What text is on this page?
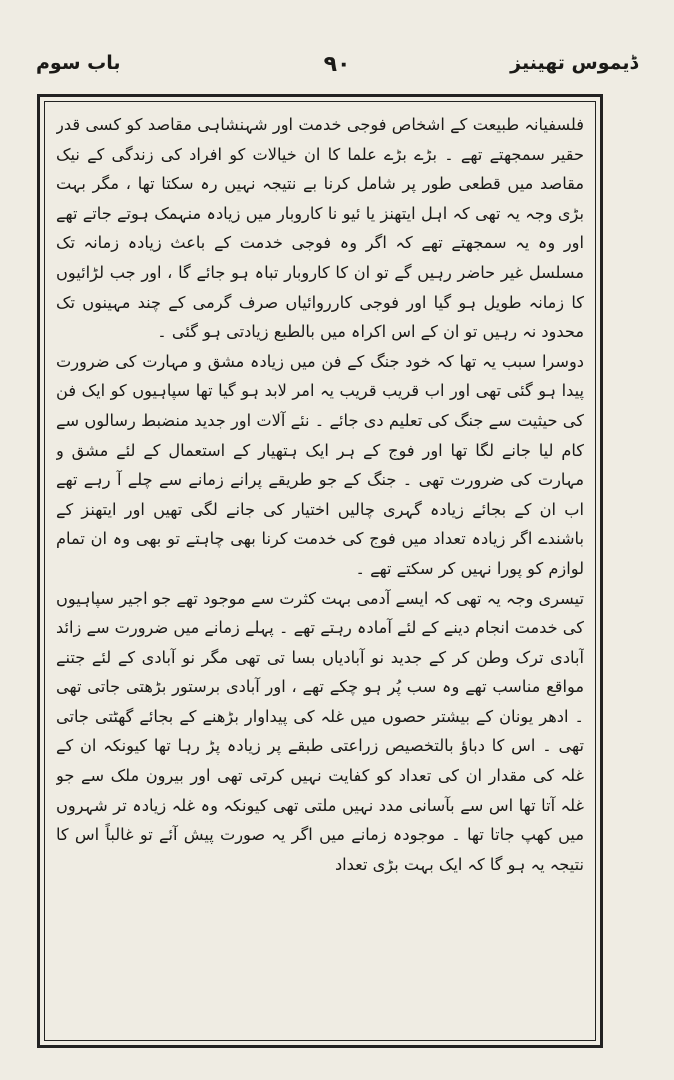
ڈیموس تھینیز
۹۰
باب سوم

فلسفیانہ طبیعت کے اشخاص فوجی خدمت اور شہنشاہی مقاصد کو کسی قدر حقیر سمجھتے تھے ۔ بڑے بڑے علما کا ان خیالات کو افراد کی زندگی کے نیک مقاصد میں قطعی طور پر شامل کرنا بے نتیجہ نہیں رہ سکتا تھا ، مگر بہت بڑی وجہ یہ تھی کہ اہل ایتھنز یا ئیو نا کاروبار میں زیادہ منہمک ہوتے جاتے تھے اور وہ یہ سمجھتے تھے کہ اگر وہ فوجی خدمت کے باعث زیادہ زمانہ تک مسلسل غیر حاضر رہیں گے تو ان کا کاروبار تباہ ہو جائے گا ، اور جب لڑائیوں کا زمانہ طویل ہو گیا اور فوجی کارروائیاں صرف گرمی کے چند مہینوں تک محدود نہ رہیں تو ان کے اس اکراہ میں بالطبع زیادتی ہو گئی ۔

دوسرا سبب یہ تھا کہ خود جنگ کے فن میں زیادہ مشق و مہارت کی ضرورت پیدا ہو گئی تھی اور اب قریب قریب یہ امر لابد ہو گیا تھا سپاہیوں کو ایک فن کی حیثیت سے جنگ کی تعلیم دی جائے ۔ نئے آلات اور جدید منضبط رسالوں سے کام لیا جانے لگا تھا اور فوج کے ہر ایک ہتھیار کے استعمال کے لئے مشق و مہارت کی ضرورت تھی ۔ جنگ کے جو طریقے پرانے زمانے سے چلے آ رہے تھے اب ان کے بجائے زیادہ گہری چالیں اختیار کی جانے لگی تھیں اور ایتھنز کے باشندے اگر زیادہ تعداد میں فوج کی خدمت کرنا بھی چاہتے تو بھی وہ ان تمام لوازم کو پورا نہیں کر سکتے تھے ۔

تیسری وجہ یہ تھی کہ ایسے آدمی بہت کثرت سے موجود تھے جو اجیر سپاہیوں کی خدمت انجام دینے کے لئے آمادہ رہتے تھے ۔ پہلے زمانے میں ضرورت سے زائد آبادی ترک وطن کر کے جدید نو آبادیاں بسا تی تھی مگر نو آبادی کے لئے جتنے مواقع مناسب تھے وہ سب پُر ہو چکے تھے ، اور آبادی برستور بڑھتی جاتی تھی ۔ ادھر یونان کے بیشتر حصوں میں غلہ کی پیداوار بڑھنے کے بجائے گھٹتی جاتی تھی ۔ اس کا دباؤ بالتخصیص زراعتی طبقے پر زیادہ پڑ رہا تھا کیونکہ ان کے غلہ کی مقدار ان کی تعداد کو کفایت نہیں کرتی تھی اور بیرون ملک سے جو غلہ آتا تھا اس سے بآسانی مدد نہیں ملتی تھی کیونکہ وہ غلہ زیادہ تر شہروں میں کھپ جاتا تھا ۔ موجودہ زمانے میں اگر یہ صورت پیش آئے تو غالباً اس کا نتیجہ یہ ہو گا کہ ایک بہت بڑی تعداد
